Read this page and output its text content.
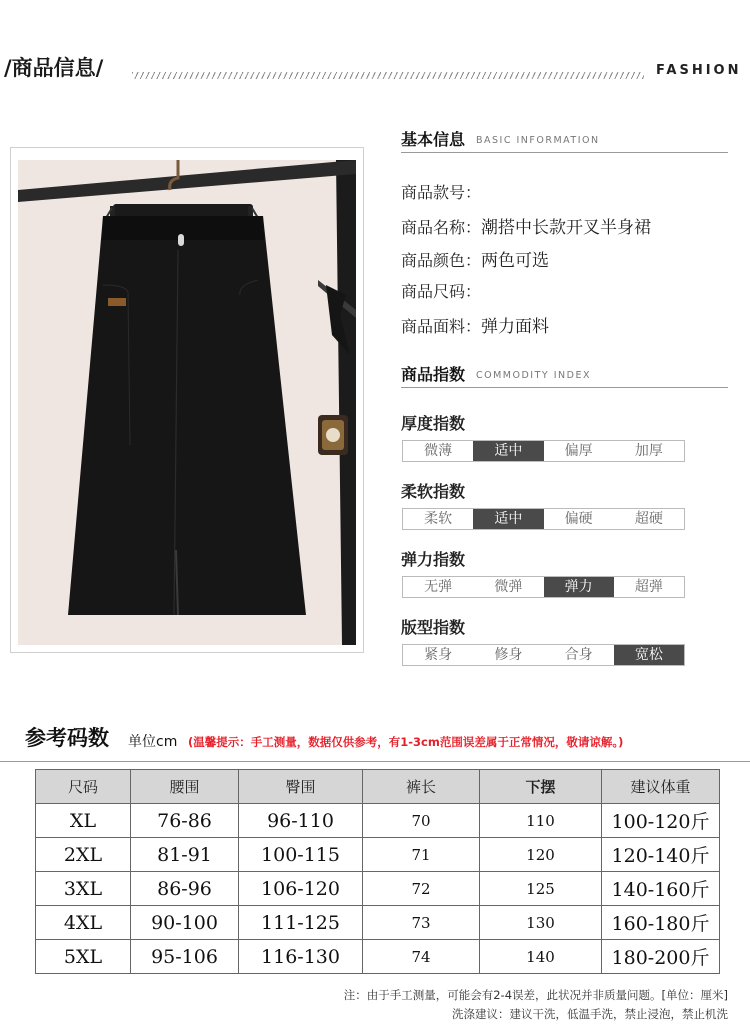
/商品信息/	FASHION
基本信息 BASIC INFORMATION
商品款号：
商品名称：潮搭中长款开叉半身裙
商品颜色：两色可选
商品尺码：
商品面料：弹力面料
商品指数 COMMODITY INDEX
厚度指数
微薄	适中	偏厚	加厚
柔软指数
柔软	适中	偏硬	超硬
弹力指数
无弹	微弹	弹力	超弹
版型指数
紧身	修身	合身	宽松
参考码数 单位cm (温馨提示：手工测量，数据仅供参考，有1-3cm范围误差属于正常情况，敬请谅解。)
尺码	腰围	臀围	裤长	下摆	建议体重
XL	76-86	96-110	70	110	100-120斤
2XL	81-91	100-115	71	120	120-140斤
3XL	86-96	106-120	72	125	140-160斤
4XL	90-100	111-125	73	130	160-180斤
5XL	95-106	116-130	74	140	180-200斤
注：由于手工测量，可能会有2-4误差，此状况并非质量问题。[单位：厘米]
洗涤建议：建议干洗，低温手洗，禁止浸泡，禁止机洗
